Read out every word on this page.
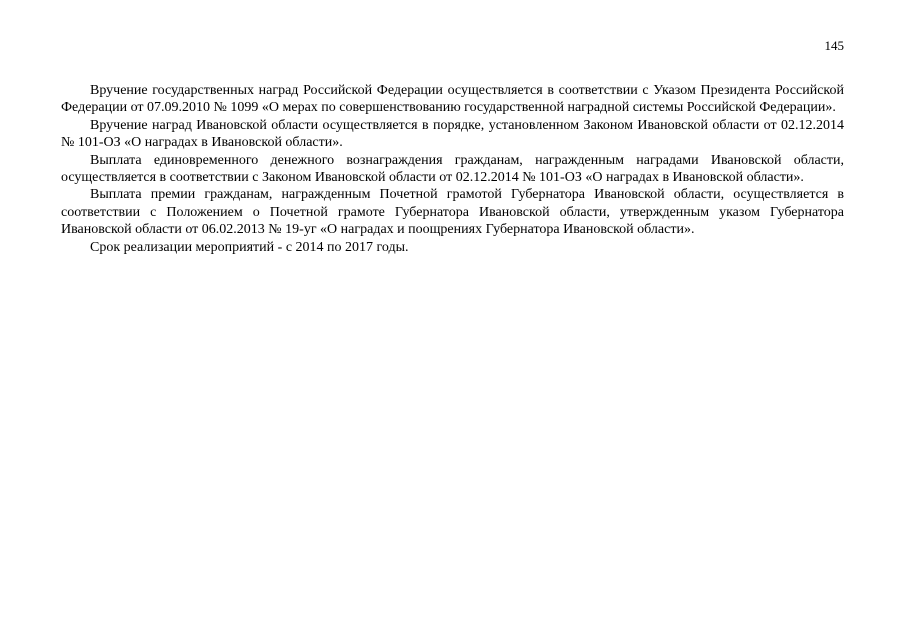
145

Вручение государственных наград Российской Федерации осуществляется в соответствии с Указом Президента Российской Федерации от 07.09.2010 № 1099 «О мерах по совершенствованию государственной наградной системы Российской Федерации».

Вручение наград Ивановской области осуществляется в порядке, установленном Законом Ивановской области от 02.12.2014 № 101-ОЗ «О наградах в Ивановской области».

Выплата единовременного денежного вознаграждения гражданам, награжденным наградами Ивановской области, осуществляется в соответствии с Законом Ивановской области от 02.12.2014 № 101-ОЗ «О наградах в Ивановской области».

Выплата премии гражданам, награжденным Почетной грамотой Губернатора Ивановской области, осуществляется в соответствии с Положением о Почетной грамоте Губернатора Ивановской области, утвержденным указом Губернатора Ивановской области от 06.02.2013 № 19-уг «О наградах и поощрениях Губернатора Ивановской области».

Срок реализации мероприятий - с 2014 по 2017 годы.
